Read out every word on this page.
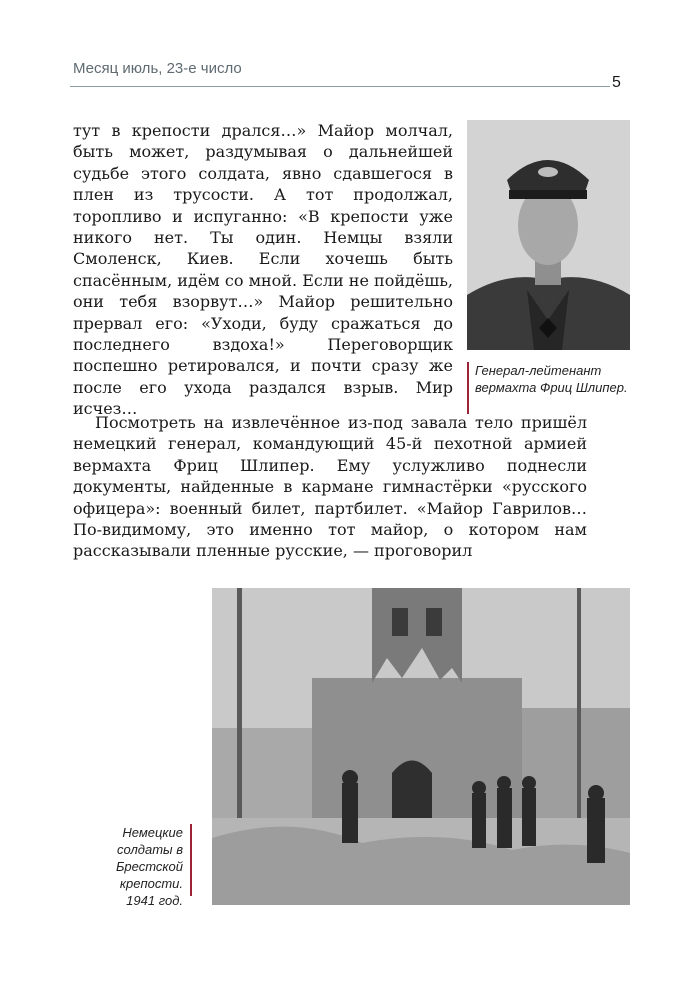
Месяц июль, 23-е число
5

тут в крепости дрался…» Майор молчал, быть может, раздумывая о дальнейшей судьбе этого солдата, явно сдавшегося в плен из трусости. А тот продолжал, торопливо и испуганно: «В крепости уже никого нет. Ты один. Немцы взяли Смоленск, Киев. Если хочешь быть спасённым, идём со мной. Если не пойдёшь, они тебя взорвут…» Майор решительно прервал его: «Уходи, буду сражаться до последнего вздоха!» Переговорщик поспешно ретировался, и почти сразу же после его ухода раздался взрыв. Мир исчез…

Генерал-лейтенант вермахта Фриц Шлипер.

Посмотреть на извлечённое из-под завала тело пришёл немецкий генерал, командующий 45-й пехотной армией вермахта Фриц Шлипер. Ему услужливо поднесли документы, найденные в кармане гимнастёрки «русского офицера»: военный билет, партбилет. «Майор Гаврилов… По-видимому, это именно тот майор, о котором нам рассказывали пленные русские, — проговорил

Немецкие солдаты в Брестской крепости. 1941 год.
